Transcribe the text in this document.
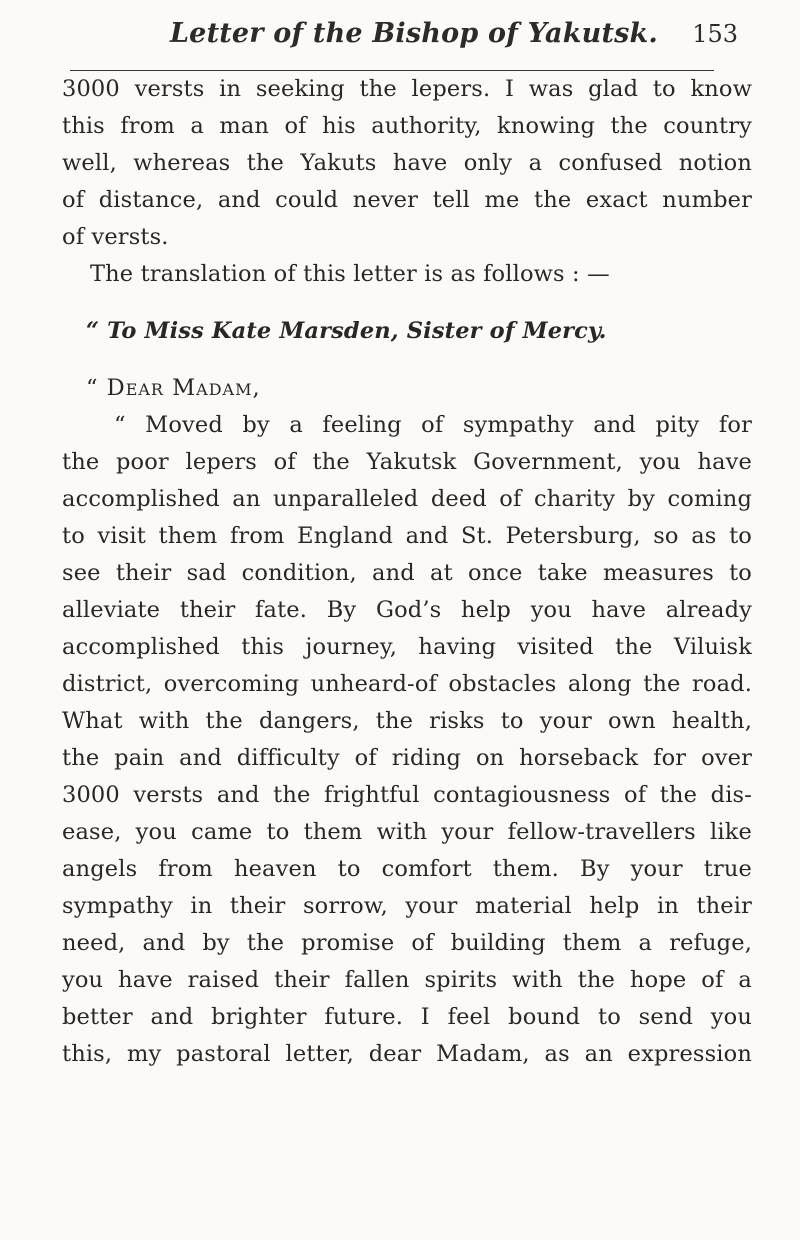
Letter of the Bishop of Yakutsk. 153
3000 versts in seeking the lepers. I was glad to know
this from a man of his authority, knowing the country
well, whereas the Yakuts have only a confused notion
of distance, and could never tell me the exact number
of versts.
The translation of this letter is as follows : —
“ To Miss Kate Marsden, Sister of Mercy.
“ Dear Madam,
“ Moved by a feeling of sympathy and pity for
the poor lepers of the Yakutsk Government, you have
accomplished an unparalleled deed of charity by coming
to visit them from England and St. Petersburg, so as to
see their sad condition, and at once take measures to
alleviate their fate. By God’s help you have already
accomplished this journey, having visited the Viluisk
district, overcoming unheard-of obstacles along the road.
What with the dangers, the risks to your own health,
the pain and difficulty of riding on horseback for over
3000 versts and the frightful contagiousness of the dis-
ease, you came to them with your fellow-travellers like
angels from heaven to comfort them. By your true
sympathy in their sorrow, your material help in their
need, and by the promise of building them a refuge,
you have raised their fallen spirits with the hope of a
better and brighter future. I feel bound to send you
this, my pastoral letter, dear Madam, as an expression
